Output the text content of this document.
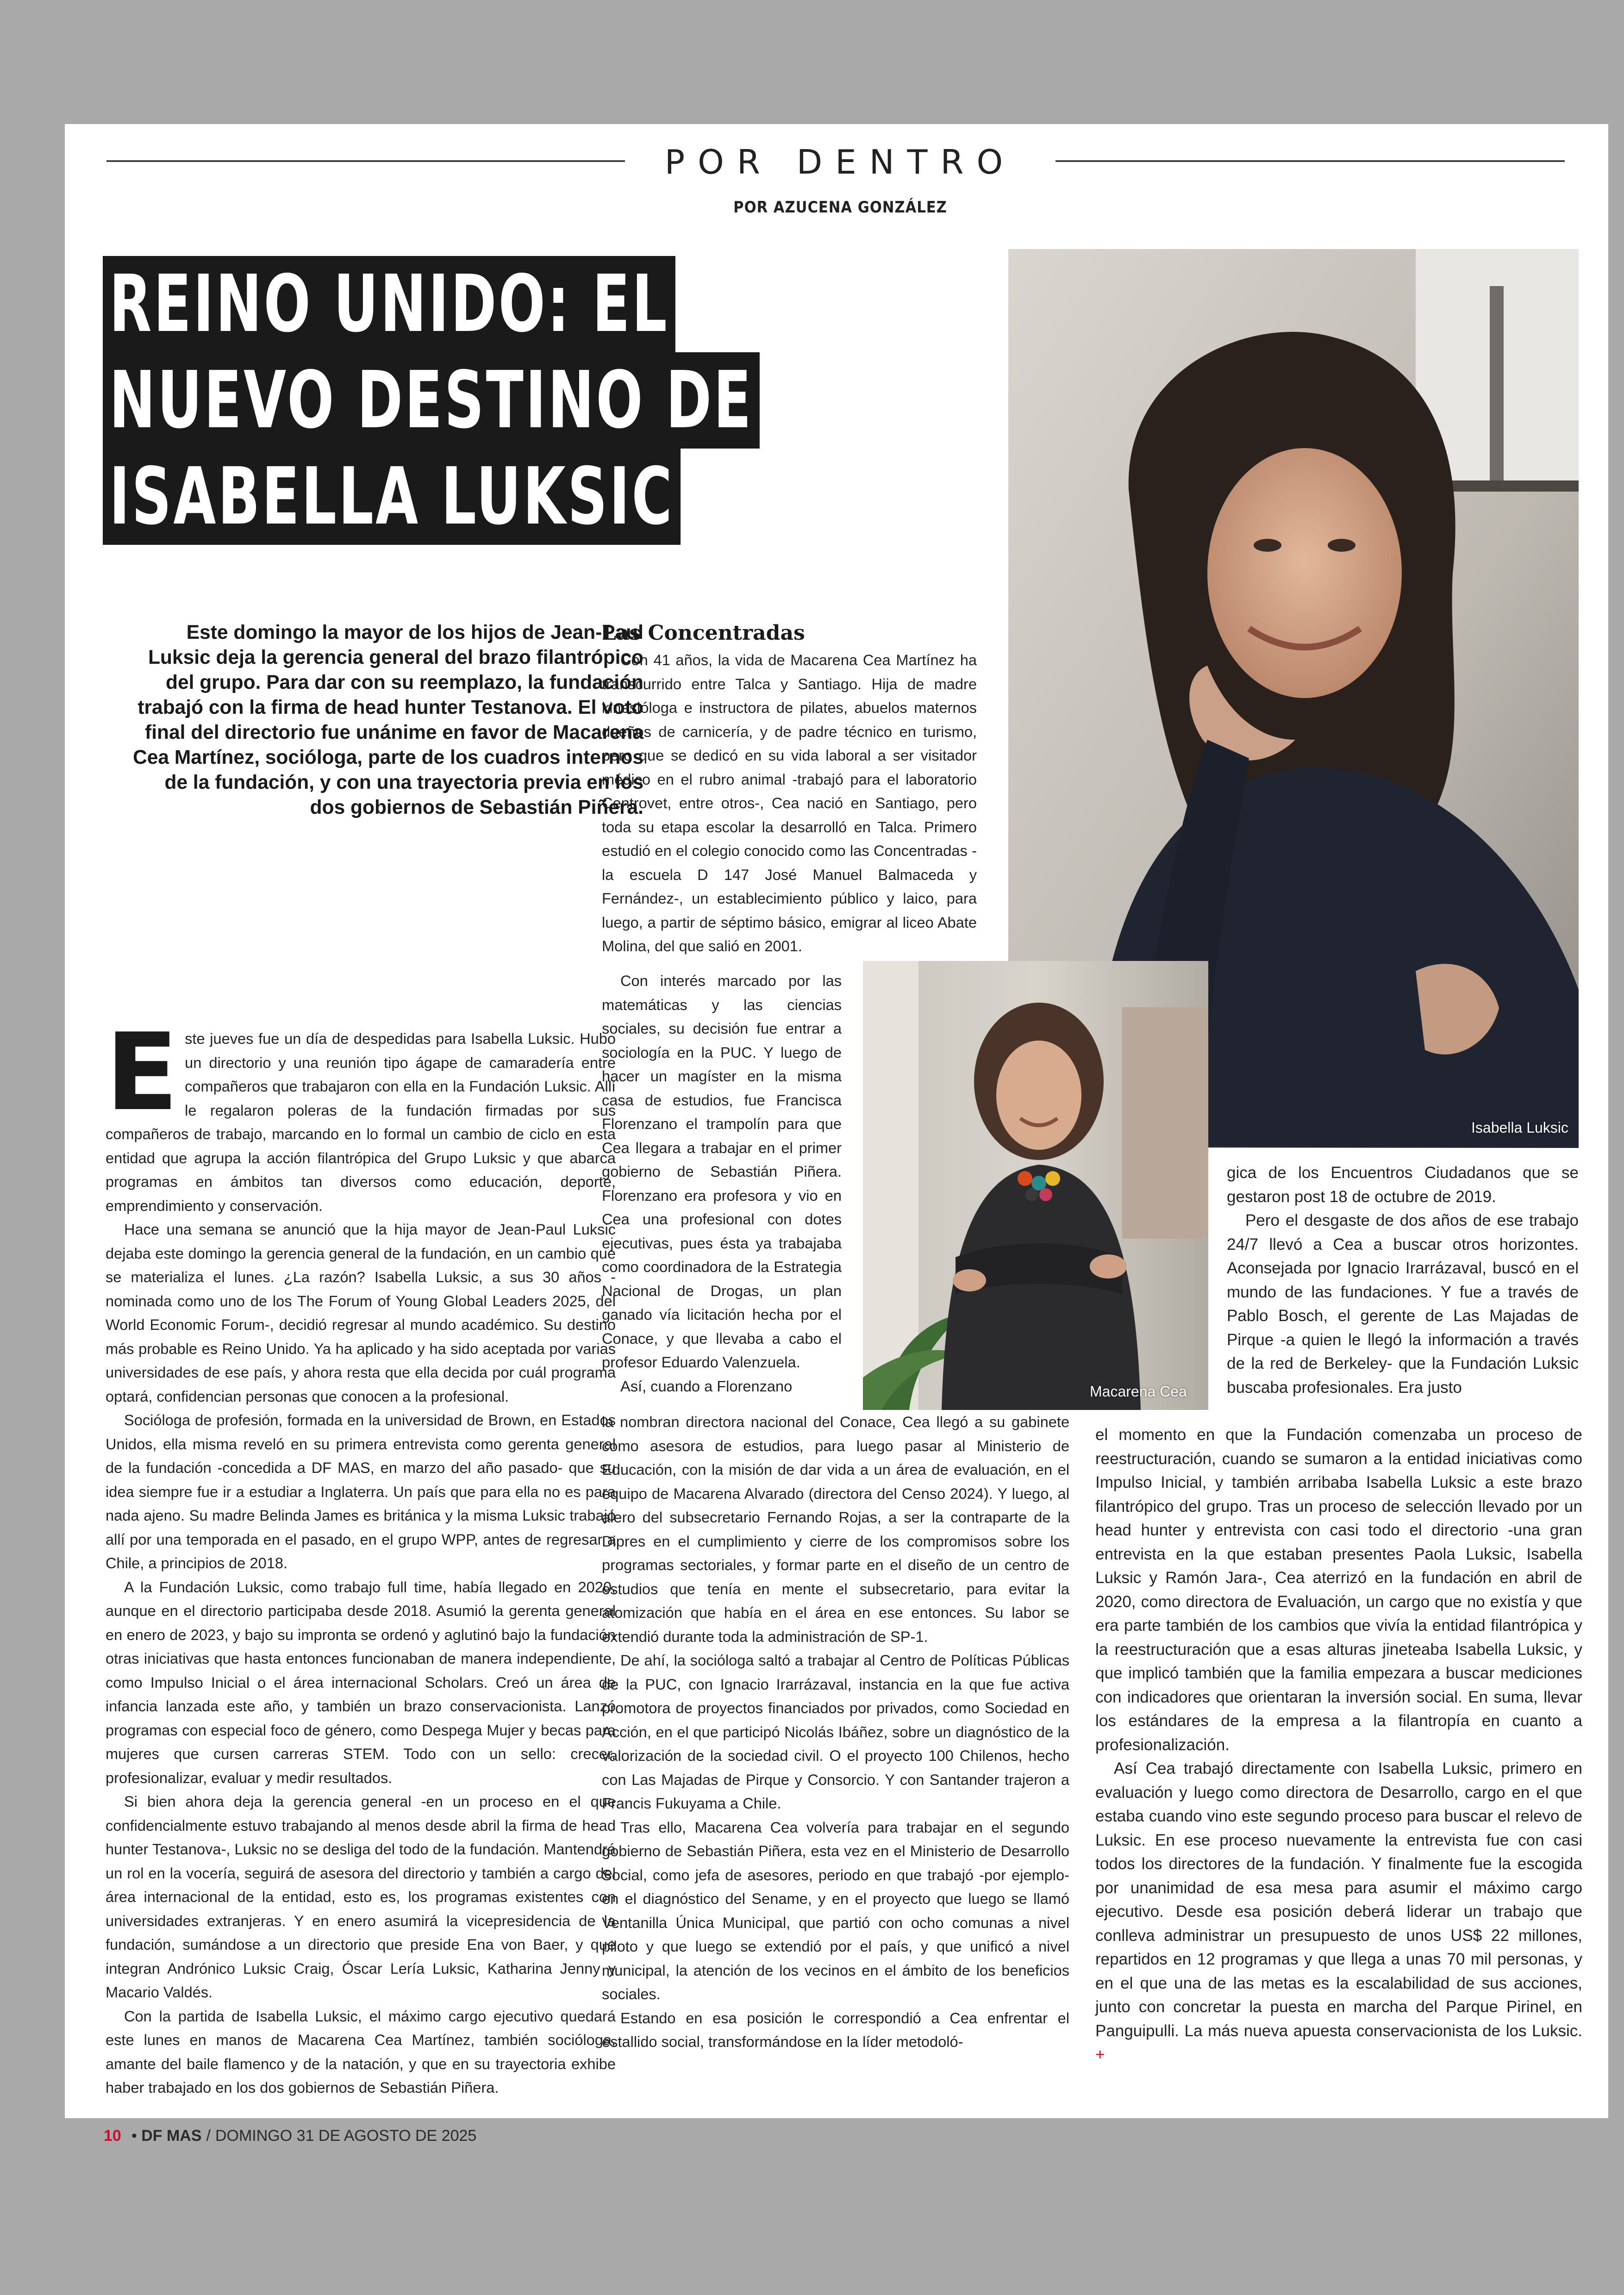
POR DENTRO
POR AZUCENA GONZÁLEZ
REINO UNIDO: EL
NUEVO DESTINO DE
ISABELLA LUKSIC
Isabella Luksic
Las Concentradas

Con 41 años, la vida de Macarena Cea Martínez ha transcurrido entre Talca y Santiago. Hija de madre kinesióloga e instructora de pilates, abuelos maternos dueños de carnicería, y de padre técnico en turismo, pero que se dedicó en su vida laboral a ser visitador médico en el rubro animal -trabajó para el laboratorio Centrovet, entre otros-, Cea nació en Santiago, pero toda su etapa escolar la desarrolló en Talca. Primero estudió en el colegio conocido como las Concentradas -la escuela D 147 José Manuel Balmaceda y Fernández-, un establecimiento público y laico, para luego, a partir de séptimo básico, emigrar al liceo Abate Molina, del que salió en 2001.

Macarena Cea
Este domingo la mayor de los hijos de Jean-Paul Luksic deja la gerencia general del brazo filantrópico del grupo. Para dar con su reemplazo, la fundación trabajó con la firma de head hunter Testanova. El voto final del directorio fue unánime en favor de Macarena Cea Martínez, socióloga, parte de los cuadros internos de la fundación, y con una trayectoria previa en los dos gobiernos de Sebastián Piñera.

Este jueves fue un día de despedidas para Isabella Luksic. Hubo un directorio y una reunión tipo ágape de camaradería entre compañeros que trabajaron con ella en la Fundación Luksic. Allí le regalaron poleras de la fundación firmadas por sus compañeros de trabajo, marcando en lo formal un cambio de ciclo en esta entidad que agrupa la acción filantrópica del Grupo Luksic y que abarca programas en ámbitos tan diversos como educación, deporte, emprendimiento y conservación.

Hace una semana se anunció que la hija mayor de Jean-Paul Luksic dejaba este domingo la gerencia general de la fundación, en un cambio que se materializa el lunes. ¿La razón? Isabella Luksic, a sus 30 años -nominada como uno de los The Forum of Young Global Leaders 2025, del World Economic Forum-, decidió regresar al mundo académico. Su destino más probable es Reino Unido. Ya ha aplicado y ha sido aceptada por varias universidades de ese país, y ahora resta que ella decida por cuál programa optará, confidencian personas que conocen a la profesional.

Socióloga de profesión, formada en la universidad de Brown, en Estados Unidos, ella misma reveló en su primera entrevista como gerenta general de la fundación -concedida a DF MAS, en marzo del año pasado- que su idea siempre fue ir a estudiar a Inglaterra. Un país que para ella no es para nada ajeno. Su madre Belinda James es británica y la misma Luksic trabajó allí por una temporada en el pasado, en el grupo WPP, antes de regresar a Chile, a principios de 2018.

A la Fundación Luksic, como trabajo full time, había llegado en 2020, aunque en el directorio participaba desde 2018. Asumió la gerenta general en enero de 2023, y bajo su impronta se ordenó y aglutinó bajo la fundación otras iniciativas que hasta entonces funcionaban de manera independiente, como Impulso Inicial o el área internacional Scholars. Creó un área de infancia lanzada este año, y también un brazo conservacionista. Lanzó programas con especial foco de género, como Despega Mujer y becas para mujeres que cursen carreras STEM. Todo con un sello: crecer, profesionalizar, evaluar y medir resultados.

Si bien ahora deja la gerencia general -en un proceso en el que confidencialmente estuvo trabajando al menos desde abril la firma de head hunter Testanova-, Luksic no se desliga del todo de la fundación. Mantendrá un rol en la vocería, seguirá de asesora del directorio y también a cargo del área internacional de la entidad, esto es, los programas existentes con universidades extranjeras. Y en enero asumirá la vicepresidencia de la fundación, sumándose a un directorio que preside Ena von Baer, y que integran Andrónico Luksic Craig, Óscar Lería Luksic, Katharina Jenny y Macario Valdés.

Con la partida de Isabella Luksic, el máximo cargo ejecutivo quedará este lunes en manos de Macarena Cea Martínez, también socióloga, amante del baile flamenco y de la natación, y que en su trayectoria exhibe haber trabajado en los dos gobiernos de Sebastián Piñera.

Con interés marcado por las matemáticas y las ciencias sociales, su decisión fue entrar a sociología en la PUC. Y luego de hacer un magíster en la misma casa de estudios, fue Francisca Florenzano el trampolín para que Cea llegara a trabajar en el primer gobierno de Sebastián Piñera. Florenzano era profesora y vio en Cea una profesional con dotes ejecutivas, pues ésta ya trabajaba como coordinadora de la Estrategia Nacional de Drogas, un plan ganado vía licitación hecha por el Conace, y que llevaba a cabo el profesor Eduardo Valenzuela.

Así, cuando a Florenzano

la nombran directora nacional del Conace, Cea llegó a su gabinete como asesora de estudios, para luego pasar al Ministerio de Educación, con la misión de dar vida a un área de evaluación, en el equipo de Macarena Alvarado (directora del Censo 2024). Y luego, al alero del subsecretario Fernando Rojas, a ser la contraparte de la Dipres en el cumplimiento y cierre de los compromisos sobre los programas sectoriales, y formar parte en el diseño de un centro de estudios que tenía en mente el subsecretario, para evitar la atomización que había en el área en ese entonces. Su labor se extendió durante toda la administración de SP-1.

De ahí, la socióloga saltó a trabajar al Centro de Políticas Públicas de la PUC, con Ignacio Irarrázaval, instancia en la que fue activa promotora de proyectos financiados por privados, como Sociedad en Acción, en el que participó Nicolás Ibáñez, sobre un diagnóstico de la valorización de la sociedad civil. O el proyecto 100 Chilenos, hecho con Las Majadas de Pirque y Consorcio. Y con Santander trajeron a Francis Fukuyama a Chile.

Tras ello, Macarena Cea volvería para trabajar en el segundo gobierno de Sebastián Piñera, esta vez en el Ministerio de Desarrollo Social, como jefa de asesores, periodo en que trabajó -por ejemplo- en el diagnóstico del Sename, y en el proyecto que luego se llamó Ventanilla Única Municipal, que partió con ocho comunas a nivel piloto y que luego se extendió por el país, y que unificó a nivel municipal, la atención de los vecinos en el ámbito de los beneficios sociales.

Estando en esa posición le correspondió a Cea enfrentar el estallido social, transformándose en la líder metodoló-

gica de los Encuentros Ciudadanos que se gestaron post 18 de octubre de 2019.

Pero el desgaste de dos años de ese trabajo 24/7 llevó a Cea a buscar otros horizontes. Aconsejada por Ignacio Irarrázaval, buscó en el mundo de las fundaciones. Y fue a través de Pablo Bosch, el gerente de Las Majadas de Pirque -a quien le llegó la información a través de la red de Berkeley- que la Fundación Luksic buscaba profesionales. Era justo

el momento en que la Fundación comenzaba un proceso de reestructuración, cuando se sumaron a la entidad iniciativas como Impulso Inicial, y también arribaba Isabella Luksic a este brazo filantrópico del grupo. Tras un proceso de selección llevado por un head hunter y entrevista con casi todo el directorio -una gran entrevista en la que estaban presentes Paola Luksic, Isabella Luksic y Ramón Jara-, Cea aterrizó en la fundación en abril de 2020, como directora de Evaluación, un cargo que no existía y que era parte también de los cambios que vivía la entidad filantrópica y la reestructuración que a esas alturas jineteaba Isabella Luksic, y que implicó también que la familia empezara a buscar mediciones con indicadores que orientaran la inversión social. En suma, llevar los estándares de la empresa a la filantropía en cuanto a profesionalización.

Así Cea trabajó directamente con Isabella Luksic, primero en evaluación y luego como directora de Desarrollo, cargo en el que estaba cuando vino este segundo proceso para buscar el relevo de Luksic. En ese proceso nuevamente la entrevista fue con casi todos los directores de la fundación. Y finalmente fue la escogida por unanimidad de esa mesa para asumir el máximo cargo ejecutivo. Desde esa posición deberá liderar un trabajo que conlleva administrar un presupuesto de unos US$ 22 millones, repartidos en 12 programas y que llega a unas 70 mil personas, y en el que una de las metas es la escalabilidad de sus acciones, junto con concretar la puesta en marcha del Parque Pirinel, en Panguipulli. La más nueva apuesta conservacionista de los Luksic. +

10 •
DF MAS / DOMINGO 31 DE AGOSTO DE 2025
